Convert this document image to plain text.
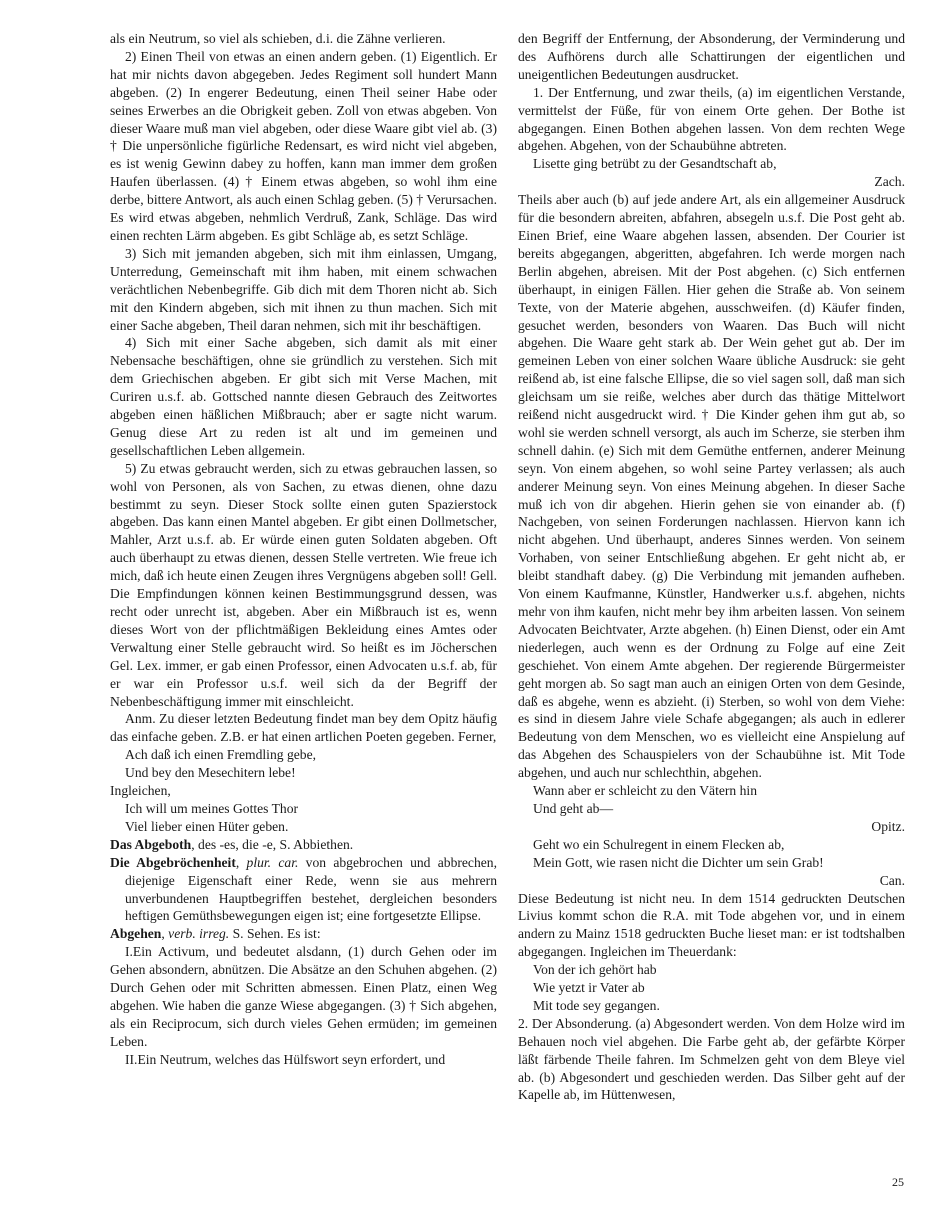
als ein Neutrum, so viel als schieben, d.i. die Zähne verlieren.

2) Einen Theil von etwas an einen andern geben. (1) Eigentlich. Er hat mir nichts davon abgegeben. Jedes Regiment soll hundert Mann abgeben. (2) In engerer Bedeutung, einen Theil seiner Habe oder seines Erwerbes an die Obrigkeit geben. Zoll von etwas abgeben. Von dieser Waare muß man viel abgeben, oder diese Waare gibt viel ab. (3) † Die unpersönliche figürliche Redensart, es wird nicht viel abgeben, es ist wenig Gewinn dabey zu hoffen, kann man immer dem großen Haufen überlassen. (4) † Einem etwas abgeben, so wohl ihm eine derbe, bittere Antwort, als auch einen Schlag geben. (5) † Verursachen. Es wird etwas abgeben, nehmlich Verdruß, Zank, Schläge. Das wird einen rechten Lärm abgeben. Es gibt Schläge ab, es setzt Schläge.

3) Sich mit jemanden abgeben, sich mit ihm einlassen, Umgang, Unterredung, Gemeinschaft mit ihm haben, mit einem schwachen verächtlichen Nebenbegriffe. Gib dich mit dem Thoren nicht ab. Sich mit den Kindern abgeben, sich mit ihnen zu thun machen. Sich mit einer Sache abgeben, Theil daran nehmen, sich mit ihr beschäftigen.

4) Sich mit einer Sache abgeben, sich damit als mit einer Nebensache beschäftigen, ohne sie gründlich zu verstehen. Sich mit dem Griechischen abgeben. Er gibt sich mit Verse Machen, mit Curiren u.s.f. ab. Gottsched nannte diesen Gebrauch des Zeitwortes abgeben einen häßlichen Mißbrauch; aber er sagte nicht warum. Genug diese Art zu reden ist alt und im gemeinen und gesellschaftlichen Leben allgemein.

5) Zu etwas gebraucht werden, sich zu etwas gebrauchen lassen, so wohl von Personen, als von Sachen, zu etwas dienen, ohne dazu bestimmt zu seyn. Dieser Stock sollte einen guten Spazierstock abgeben. Das kann einen Mantel abgeben. Er gibt einen Dollmetscher, Mahler, Arzt u.s.f. ab. Er würde einen guten Soldaten abgeben. Oft auch überhaupt zu etwas dienen, dessen Stelle vertreten. Wie freue ich mich, daß ich heute einen Zeugen ihres Vergnügens abgeben soll! Gell. Die Empfindungen können keinen Bestimmungsgrund dessen, was recht oder unrecht ist, abgeben. Aber ein Mißbrauch ist es, wenn dieses Wort von der pflichtmäßigen Bekleidung eines Amtes oder Verwaltung einer Stelle gebraucht wird. So heißt es im Jöcherschen Gel. Lex. immer, er gab einen Professor, einen Advocaten u.s.f. ab, für er war ein Professor u.s.f. weil sich da der Begriff der Nebenbeschäftigung immer mit einschleicht.

Anm. Zu dieser letzten Bedeutung findet man bey dem Opitz häufig das einfache geben. Z.B. er hat einen artlichen Poeten gegeben. Ferner,

Ach daß ich einen Fremdling gebe,

Und bey den Mesechitern lebe!

Ingleichen,

Ich will um meines Gottes Thor

Viel lieber einen Hüter geben.

Das Abgeboth, des -es, die -e, S. Abbiethen.

Die Abgebröchenheit, plur. car. von abgebrochen und abbrechen, diejenige Eigenschaft einer Rede, wenn sie aus mehrern unverbundenen Hauptbegriffen bestehet, dergleichen besonders heftigen Gemüthsbewegungen eigen ist; eine fortgesetzte Ellipse.

Abgehen, verb. irreg. S. Sehen. Es ist:

I.Ein Activum, und bedeutet alsdann, (1) durch Gehen oder im Gehen absondern, abnützen. Die Absätze an den Schuhen abgehen. (2) Durch Gehen oder mit Schritten abmessen. Einen Platz, einen Weg abgehen. Wie haben die ganze Wiese abgegangen. (3) † Sich abgehen, als ein Reciprocum, sich durch vieles Gehen ermüden; im gemeinen Leben.

II.Ein Neutrum, welches das Hülfswort seyn erfordert, und

den Begriff der Entfernung, der Absonderung, der Verminderung und des Aufhörens durch alle Schattirungen der eigentlichen und uneigentlichen Bedeutungen ausdrucket.

1. Der Entfernung, und zwar theils, (a) im eigentlichen Verstande, vermittelst der Füße, für von einem Orte gehen. Der Bothe ist abgegangen. Einen Bothen abgehen lassen. Von dem rechten Wege abgehen. Abgehen, von der Schaubühne abtreten.

Lisette ging betrübt zu der Gesandtschaft ab,

Zach.

Theils aber auch (b) auf jede andere Art, als ein allgemeiner Ausdruck für die besondern abreiten, abfahren, absegeln u.s.f. Die Post geht ab. Einen Brief, eine Waare abgehen lassen, absenden. Der Courier ist bereits abgegangen, abgeritten, abgefahren. Ich werde morgen nach Berlin abgehen, abreisen. Mit der Post abgehen. (c) Sich entfernen überhaupt, in einigen Fällen. Hier gehen die Straße ab. Von seinem Texte, von der Materie abgehen, ausschweifen. (d) Käufer finden, gesuchet werden, besonders von Waaren. Das Buch will nicht abgehen. Die Waare geht stark ab. Der Wein gehet gut ab. Der im gemeinen Leben von einer solchen Waare übliche Ausdruck: sie geht reißend ab, ist eine falsche Ellipse, die so viel sagen soll, daß man sich gleichsam um sie reiße, welches aber durch das thätige Mittelwort reißend nicht ausgedruckt wird. † Die Kinder gehen ihm gut ab, so wohl sie werden schnell versorgt, als auch im Scherze, sie sterben ihm schnell dahin. (e) Sich mit dem Gemüthe entfernen, anderer Meinung seyn. Von einem abgehen, so wohl seine Partey verlassen; als auch anderer Meinung seyn. Von eines Meinung abgehen. In dieser Sache muß ich von dir abgehen. Hierin gehen sie von einander ab. (f) Nachgeben, von seinen Forderungen nachlassen. Hiervon kann ich nicht abgehen. Und überhaupt, anderes Sinnes werden. Von seinem Vorhaben, von seiner Entschließung abgehen. Er geht nicht ab, er bleibt standhaft dabey. (g) Die Verbindung mit jemanden aufheben. Von einem Kaufmanne, Künstler, Handwerker u.s.f. abgehen, nichts mehr von ihm kaufen, nicht mehr bey ihm arbeiten lassen. Von seinem Advocaten Beichtvater, Arzte abgehen. (h) Einen Dienst, oder ein Amt niederlegen, auch wenn es der Ordnung zu Folge auf eine Zeit geschiehet. Von einem Amte abgehen. Der regierende Bürgermeister geht morgen ab. So sagt man auch an einigen Orten von dem Gesinde, daß es abgehe, wenn es abzieht. (i) Sterben, so wohl von dem Viehe: es sind in diesem Jahre viele Schafe abgegangen; als auch in edlerer Bedeutung von dem Menschen, wo es vielleicht eine Anspielung auf das Abgehen des Schauspielers von der Schaubühne ist. Mit Tode abgehen, und auch nur schlechthin, abgehen.

Wann aber er schleicht zu den Vätern hin

Und geht ab—

Opitz.

Geht wo ein Schulregent in einem Flecken ab,

Mein Gott, wie rasen nicht die Dichter um sein Grab!

Can.

Diese Bedeutung ist nicht neu. In dem 1514 gedruckten Deutschen Livius kommt schon die R.A. mit Tode abgehen vor, und in einem andern zu Mainz 1518 gedruckten Buche lieset man: er ist todtshalben abgegangen. Ingleichen im Theuerdank:

Von der ich gehört hab

Wie yetzt ir Vater ab

Mit tode sey gegangen.

2. Der Absonderung. (a) Abgesondert werden. Von dem Holze wird im Behauen noch viel abgehen. Die Farbe geht ab, der gefärbte Körper läßt färbende Theile fahren. Im Schmelzen geht von dem Bleye viel ab. (b) Abgesondert und geschieden werden. Das Silber geht auf der Kapelle ab, im Hüttenwesen,

25
